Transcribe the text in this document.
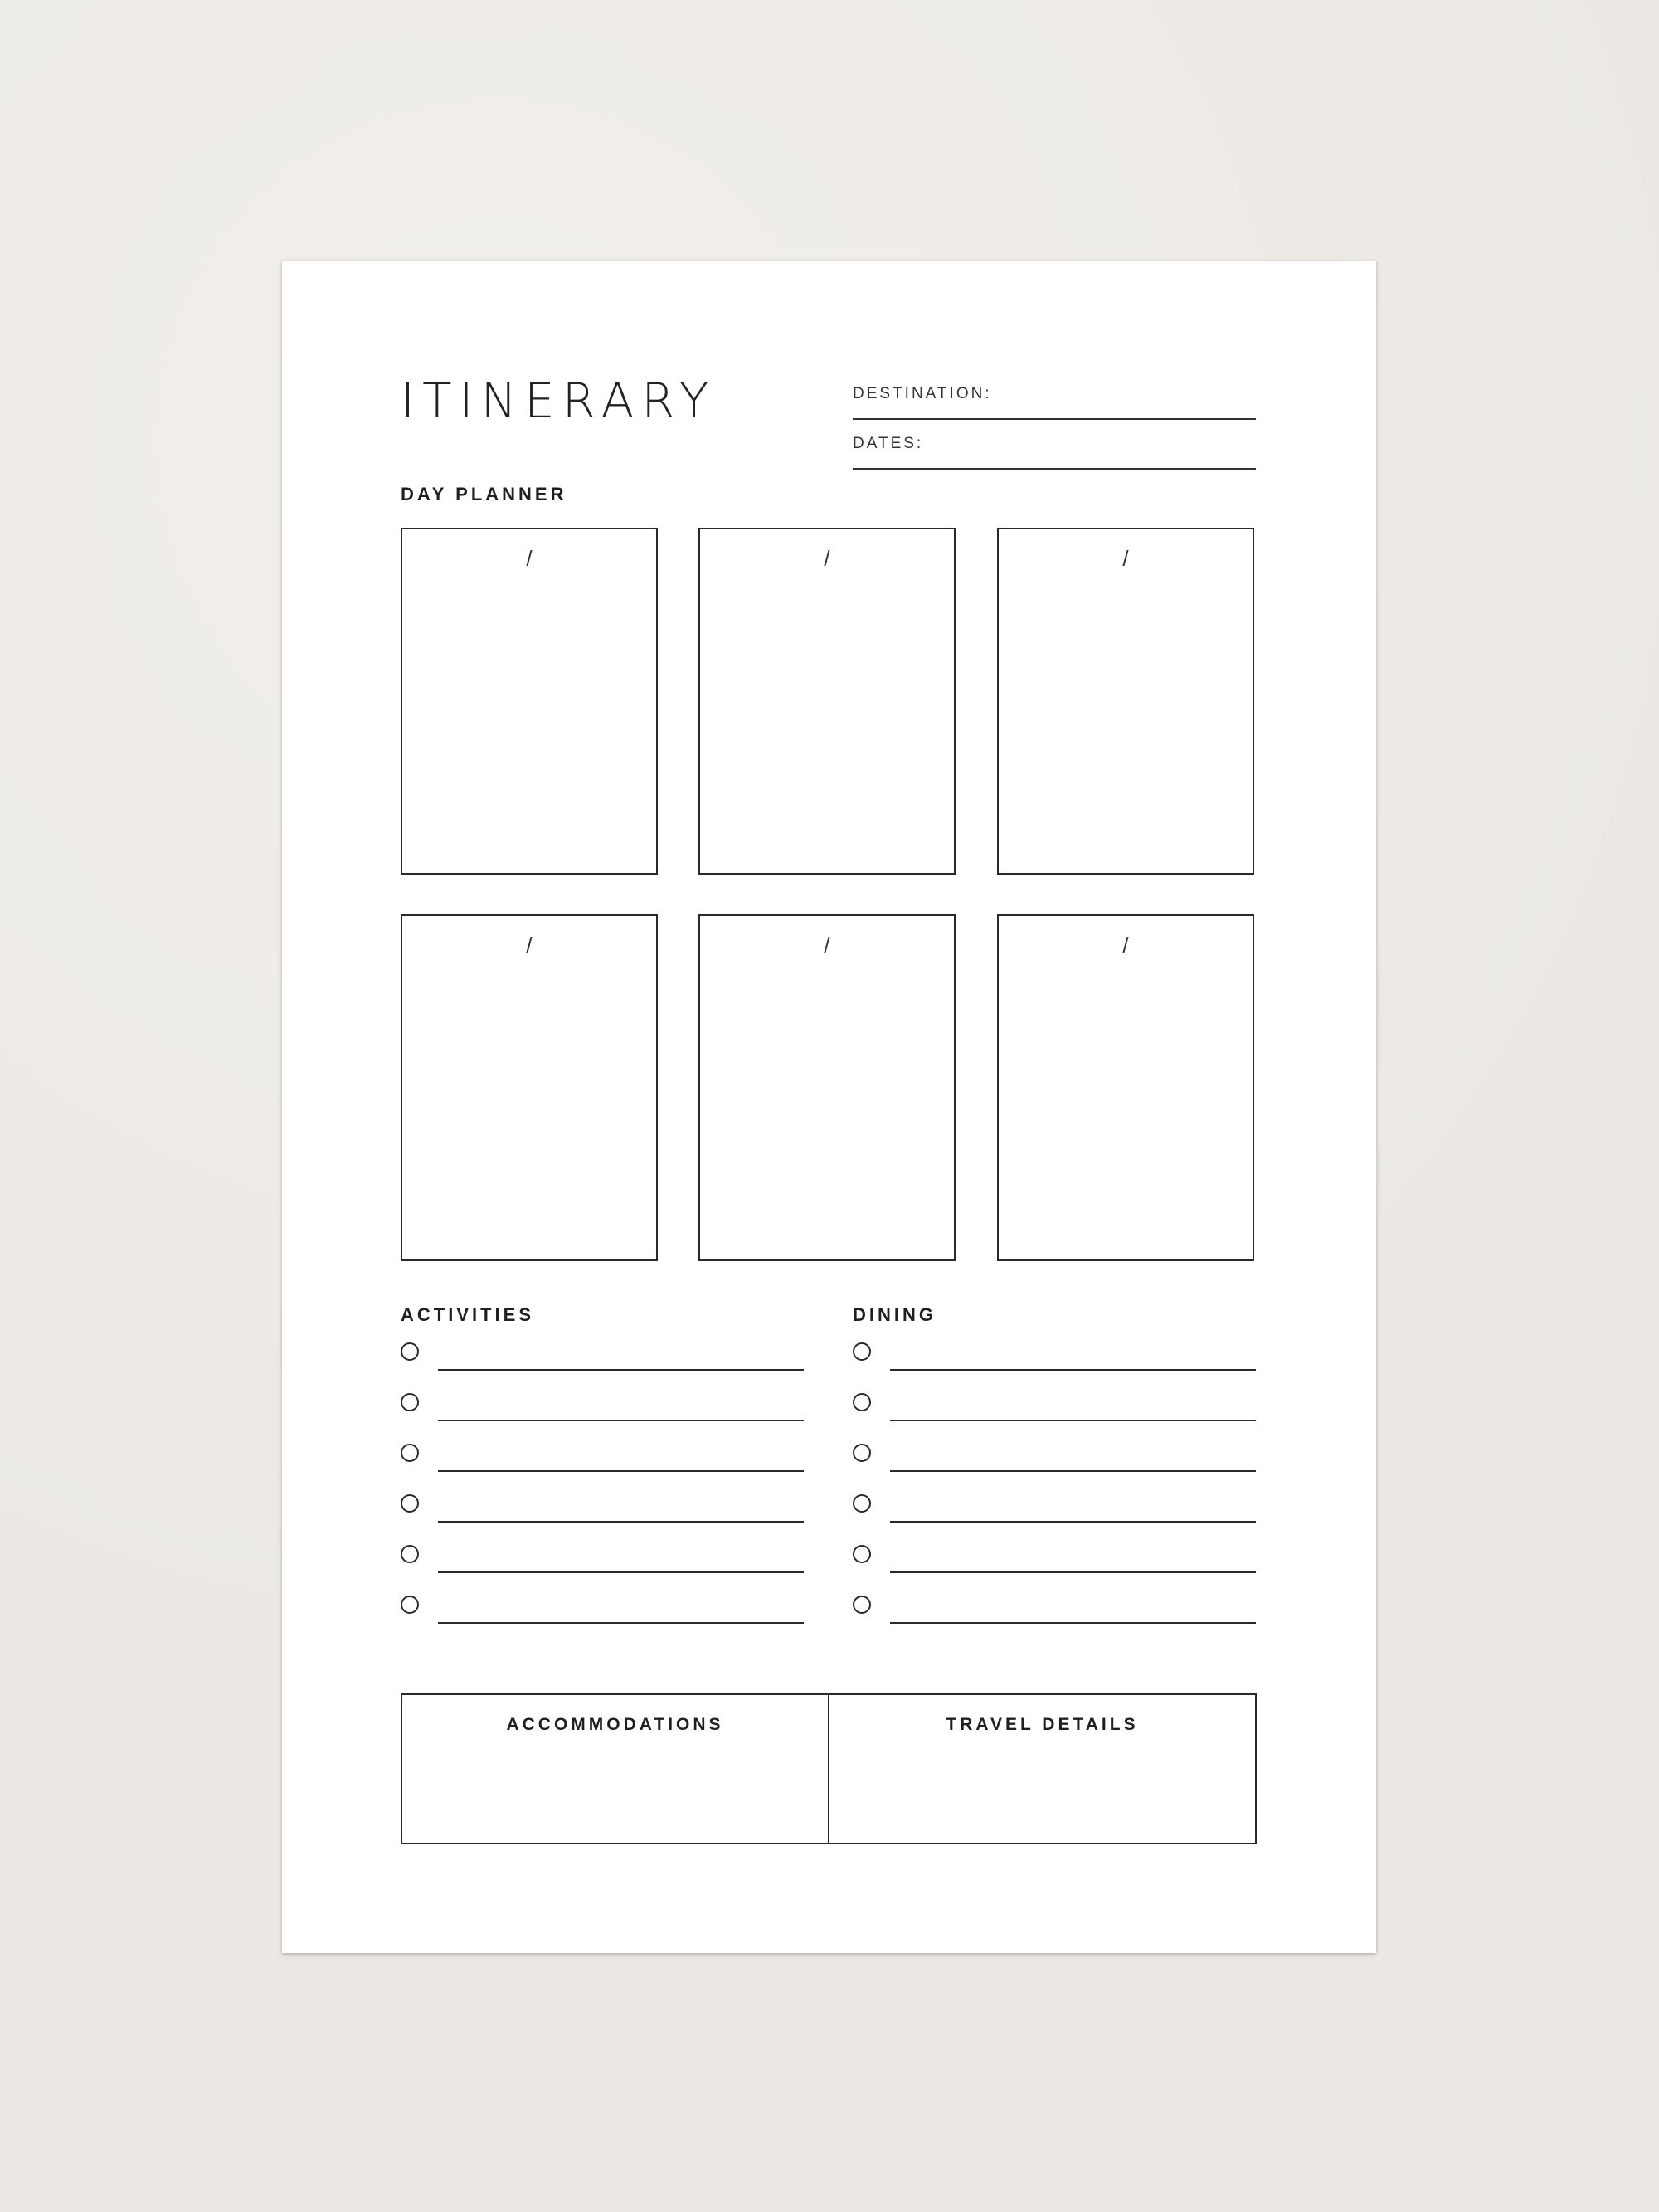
ITINERARY	DESTINATION:
DATES:
DAY PLANNER
/	/	/
/	/	/
ACTIVITIES	DINING
ACCOMMODATIONS	TRAVEL DETAILS
